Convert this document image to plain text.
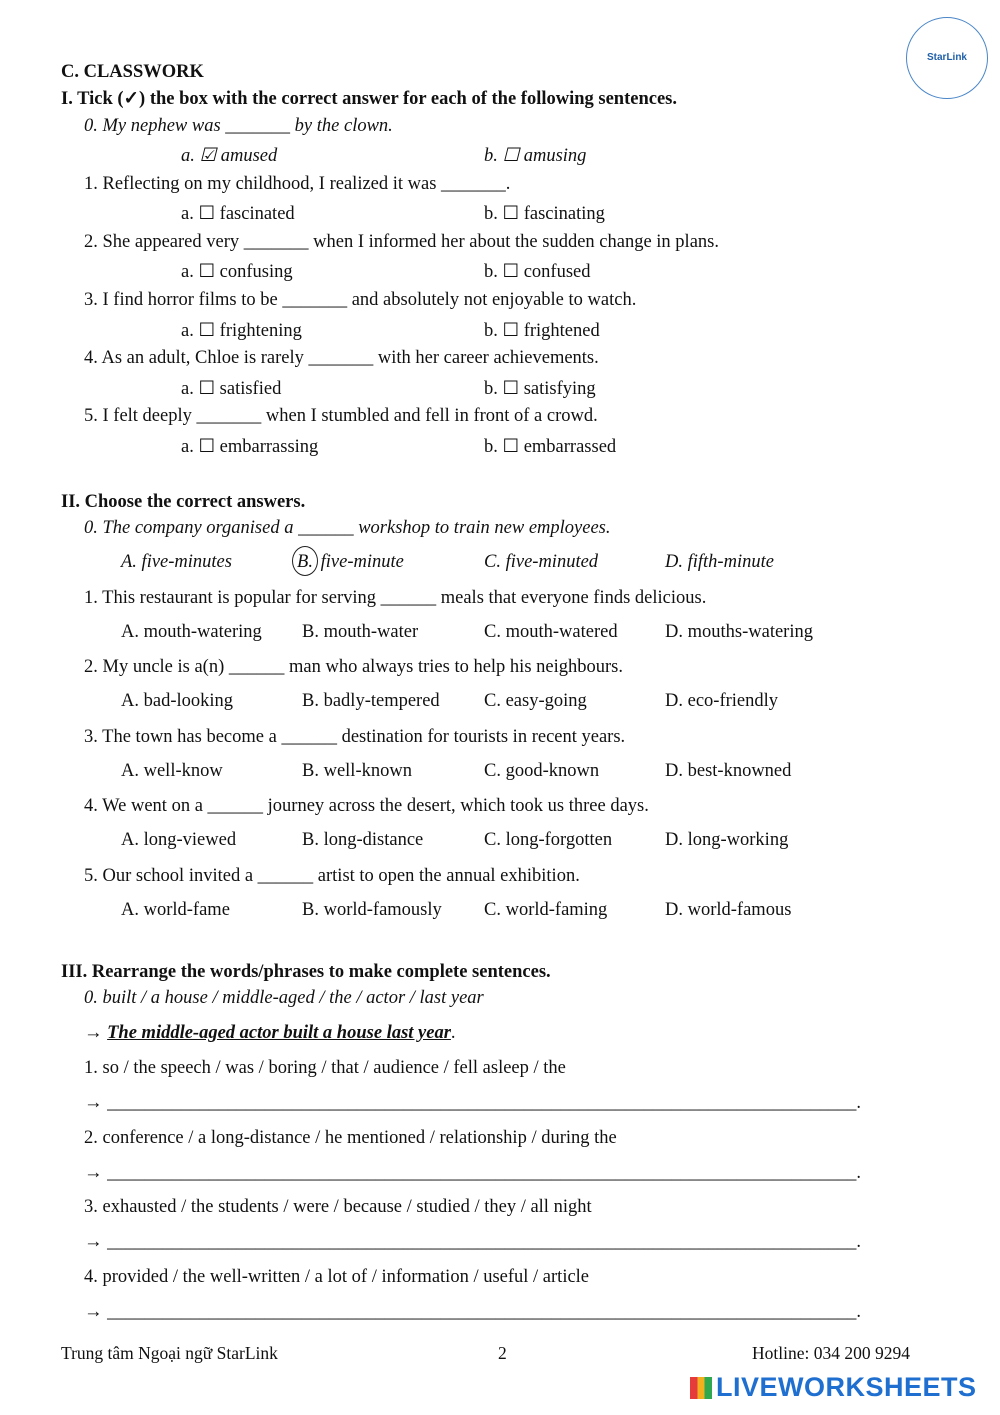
StarLink
C. CLASSWORK
I. Tick (✓) the box with the correct answer for each of the following sentences.
0. My nephew was _______ by the clown.
a. ☑ amused	b. ☐ amusing
1. Reflecting on my childhood, I realized it was _______.
a. ☐ fascinated	b. ☐ fascinating
2. She appeared very _______ when I informed her about the sudden change in plans.
a. ☐ confusing	b. ☐ confused
3. I find horror films to be _______ and absolutely not enjoyable to watch.
a. ☐ frightening	b. ☐ frightened
4. As an adult, Chloe is rarely _______ with her career achievements.
a. ☐ satisfied	b. ☐ satisfying
5. I felt deeply _______ when I stumbled and fell in front of a crowd.
a. ☐ embarrassing	b. ☐ embarrassed
II. Choose the correct answers.
0. The company organised a ______ workshop to train new employees.
A. five-minutes	B. five-minute	C. five-minuted	D. fifth-minute
1. This restaurant is popular for serving ______ meals that everyone finds delicious.
A. mouth-watering B. mouth-water	C. mouth-watered	D. mouths-watering
2. My uncle is a(n) ______ man who always tries to help his neighbours.
A. bad-looking	B. badly-tempered C. easy-going	D. eco-friendly
3. The town has become a ______ destination for tourists in recent years.
A. well-know	B. well-known	C. good-known	D. best-knowned
4. We went on a ______ journey across the desert, which took us three days.
A. long-viewed	B. long-distance	C. long-forgotten	D. long-working
5. Our school invited a ______ artist to open the annual exhibition.
A. world-fame	B. world-famously C. world-faming	D. world-famous
III. Rearrange the words/phrases to make complete sentences.
0. built / a house / middle-aged / the / actor / last year
→ The middle-aged actor built a house last year.
1. so / the speech / was / boring / that / audience / fell asleep / the
→ _________________________________________________________________________________.
2. conference / a long-distance / he mentioned / relationship / during the
→ _________________________________________________________________________________.
3. exhausted / the students / were / because / studied / they / all night
→ _________________________________________________________________________________.
4. provided / the well-written / a lot of / information / useful / article
→ _________________________________________________________________________________.
Trung tâm Ngoại ngữ StarLink	2	Hotline: 034 200 9294
LIVEWORKSHEETS
